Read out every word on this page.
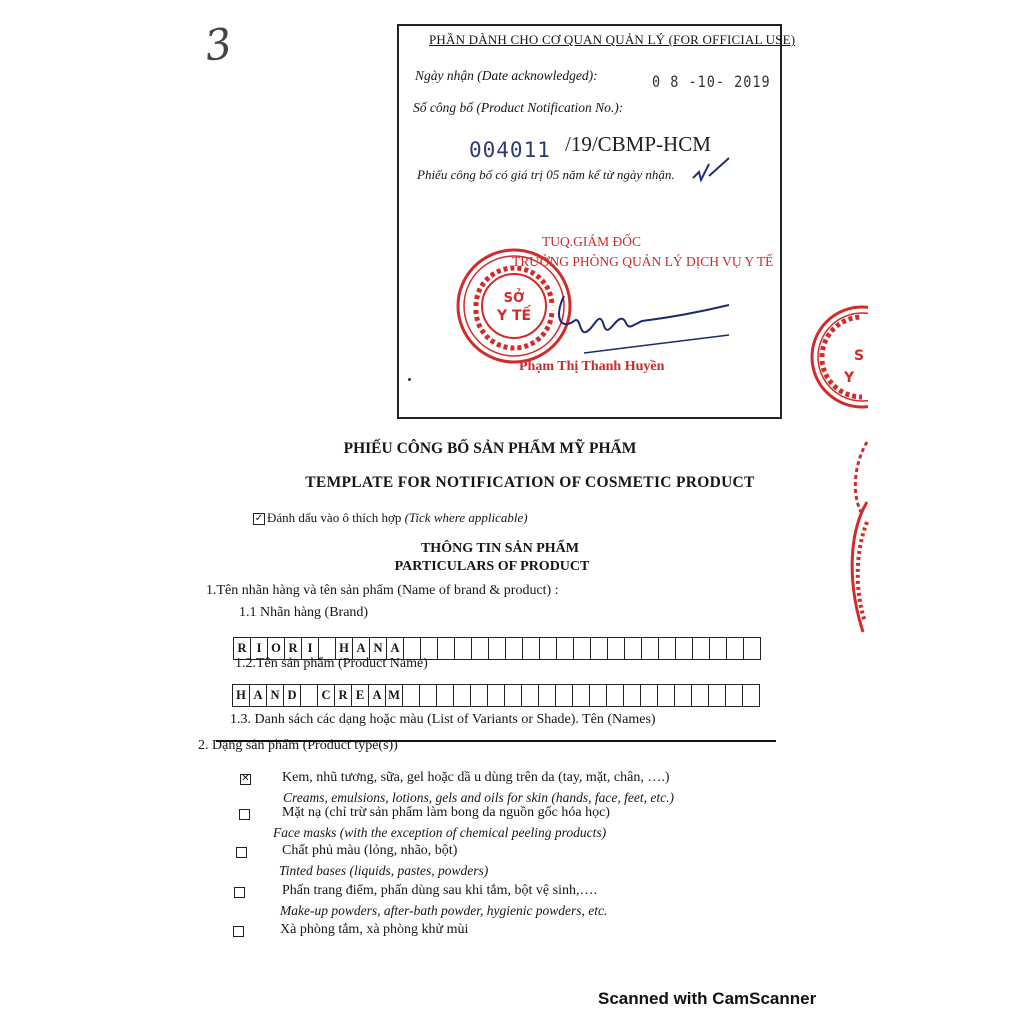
3	PHẦN DÀNH CHO CƠ QUAN QUẢN LÝ (FOR OFFICIAL USE)
Ngày nhận (Date acknowledged):	0 8 -10- 2019
Số công bố (Product Notification No.):
004011 /19/CBMP-HCM
Phiếu công bố có giá trị 05 năm kể từ ngày nhận.
TUQ.GIÁM ĐỐC
TRƯỞNG PHÒNG QUẢN LÝ DỊCH VỤ Y TẾ
SỞ
Y TẾ
Phạm Thị Thanh Huyền
S
Y
PHIẾU CÔNG BỐ SẢN PHẨM MỸ PHẨM
TEMPLATE FOR NOTIFICATION OF COSMETIC PRODUCT
✓ Đánh dấu vào ô thích hợp (Tick where applicable)
THÔNG TIN SẢN PHẨM
PARTICULARS OF PRODUCT
1.Tên nhãn hàng và tên sản phẩm (Name of brand & product) :
1.1 Nhãn hàng (Brand)
R I O R I	H A N A
1.2.Tên sản phẩm (Product Name)
H A N D	C R E A M
1.3. Danh sách các dạng hoặc màu (List of Variants or Shade). Tên (Names)
2. Dạng sản phẩm (Product type(s))
✕ Kem, nhũ tương, sữa, gel hoặc dầ u dùng trên da (tay, mặt, chân, ….)
Creams, emulsions, lotions, gels and oils for skin (hands, face, feet, etc.)
Mặt nạ (chỉ trừ sản phẩm làm bong da nguồn gốc hóa học)
Face masks (with the exception of chemical peeling products)
Chất phủ màu (lỏng, nhão, bột)
Tinted bases (liquids, pastes, powders)
Phấn trang điểm, phấn dùng sau khi tắm, bột vệ sinh,….
Make-up powders, after-bath powder, hygienic powders, etc.
Xà phòng tắm, xà phòng khử mùi
Scanned with CamScanner
